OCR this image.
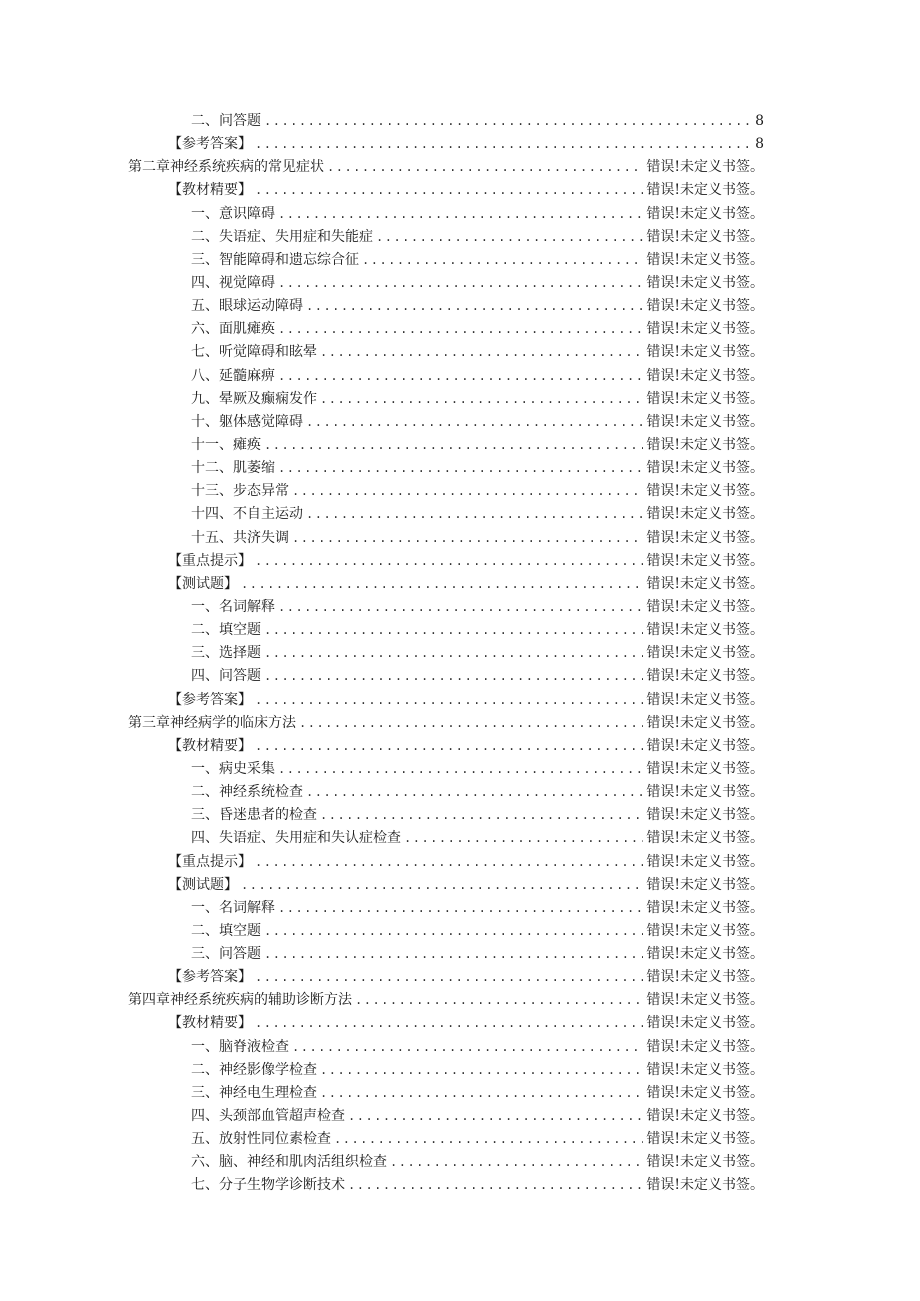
二、问答题 .....	8
【参考答案】 .....	8
第二章神经系统疾病的常见症状 .....	错误!未定义书签。
【教材精要】 .....	错误!未定义书签。
一、意识障碍 .....	错误!未定义书签。
二、失语症、失用症和失能症 .....	错误!未定义书签。
三、智能障碍和遗忘综合征 .....	错误!未定义书签。
四、视觉障碍 .....	错误!未定义书签。
五、眼球运动障碍 .....	错误!未定义书签。
六、面肌瘫痪 .....	错误!未定义书签。
七、听觉障碍和眩晕 .....	错误!未定义书签。
八、延髓麻痹 .....	错误!未定义书签。
九、晕厥及癫痫发作 .....	错误!未定义书签。
十、躯体感觉障碍 .....	错误!未定义书签。
十一、瘫痪 .....	错误!未定义书签。
十二、肌萎缩 .....	错误!未定义书签。
十三、步态异常 .....	错误!未定义书签。
十四、不自主运动 .....	错误!未定义书签。
十五、共济失调 .....	错误!未定义书签。
【重点提示】 .....	错误!未定义书签。
【测试题】 .....	错误!未定义书签。
一、名词解释 .....	错误!未定义书签。
二、填空题 .....	错误!未定义书签。
三、选择题 .....	错误!未定义书签。
四、问答题 .....	错误!未定义书签。
【参考答案】 .....	错误!未定义书签。
第三章神经病学的临床方法 .....	错误!未定义书签。
【教材精要】 .....	错误!未定义书签。
一、病史采集 .....	错误!未定义书签。
二、神经系统检查 .....	错误!未定义书签。
三、昏迷患者的检查 .....	错误!未定义书签。
四、失语症、失用症和失认症检查 .....	错误!未定义书签。
【重点提示】 .....	错误!未定义书签。
【测试题】 .....	错误!未定义书签。
一、名词解释 .....	错误!未定义书签。
二、填空题 .....	错误!未定义书签。
三、问答题 .....	错误!未定义书签。
【参考答案】 .....	错误!未定义书签。
第四章神经系统疾病的辅助诊断方法 .....	错误!未定义书签。
【教材精要】 .....	错误!未定义书签。
一、脑脊液检查 .....	错误!未定义书签。
二、神经影像学检查 .....	错误!未定义书签。
三、神经电生理检查 .....	错误!未定义书签。
四、头颈部血管超声检查 .....	错误!未定义书签。
五、放射性同位素检查 .....	错误!未定义书签。
六、脑、神经和肌肉活组织检查 .....	错误!未定义书签。
七、分子生物学诊断技术 .....	错误!未定义书签。
